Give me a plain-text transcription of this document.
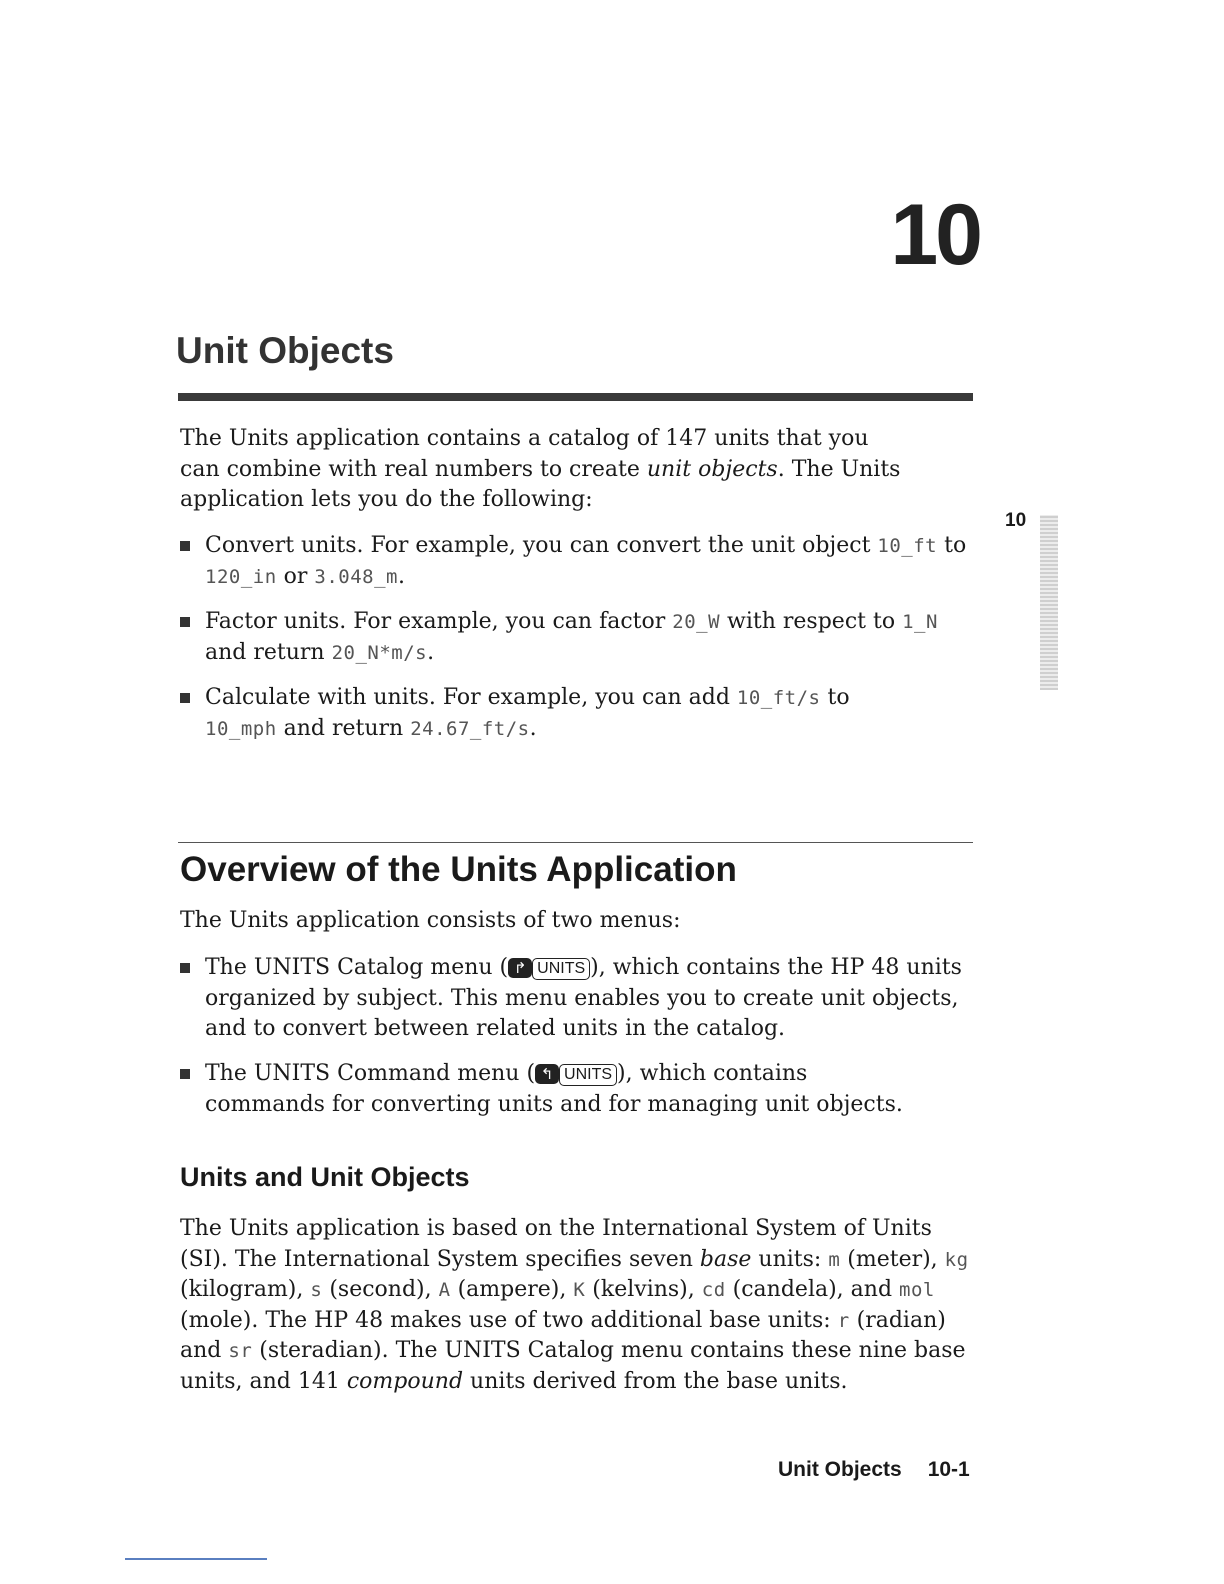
10
Unit Objects

The Units application contains a catalog of 147 units that you can combine with real numbers to create unit objects. The Units application lets you do the following:

Convert units. For example, you can convert the unit object 10_ft to 120_in or 3.048_m.
Factor units. For example, you can factor 20_W with respect to 1_N and return 20_N*m/s.
Calculate with units. For example, you can add 10_ft/s to 10_mph and return 24.67_ft/s.
10
Overview of the Units Application

The Units application consists of two menus:

The UNITS Catalog menu ( ↱ UNITS ), which contains the HP 48 units organized by subject. This menu enables you to create unit objects, and to convert between related units in the catalog.
The UNITS Command menu ( ↰ UNITS ), which contains commands for converting units and for managing unit objects.
Units and Unit Objects

The Units application is based on the International System of Units (SI). The International System specifies seven base units: m (meter), kg (kilogram), s (second), A (ampere), K (kelvins), cd (candela), and mol (mole). The HP 48 makes use of two additional base units: r (radian) and sr (steradian). The UNITS Catalog menu contains these nine base units, and 141 compound units derived from the base units.

Unit Objects 10-1
